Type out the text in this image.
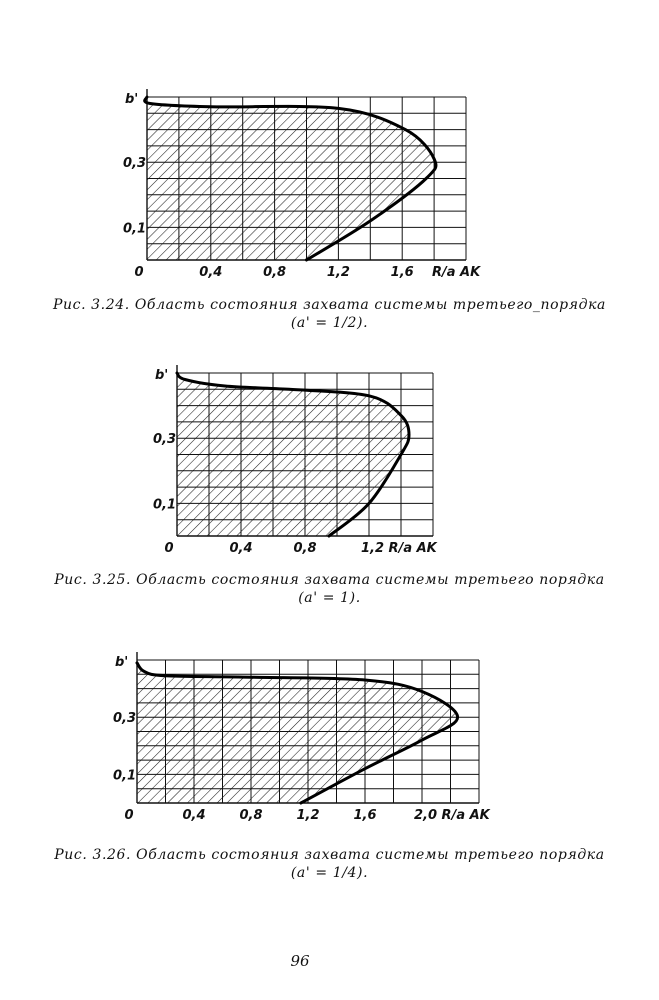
b'
0,3
0,1
0	0,4	0,8	1,2	1,6 R/a AK
Рис. 3.24. Область состояния захвата системы третьего_порядка
(a' = 1/2).
b'
0,3
0,1
0	0,4	0,8	1,2 R/a AK
Рис. 3.25. Область состояния захвата системы третьего порядка
(a' = 1).
b'
0,3
0,1
0	0,4	0,8	1,2	1,6	2,0 R/a AK
Рис. 3.26. Область состояния захвата системы третьего порядка
(a' = 1/4).
96
